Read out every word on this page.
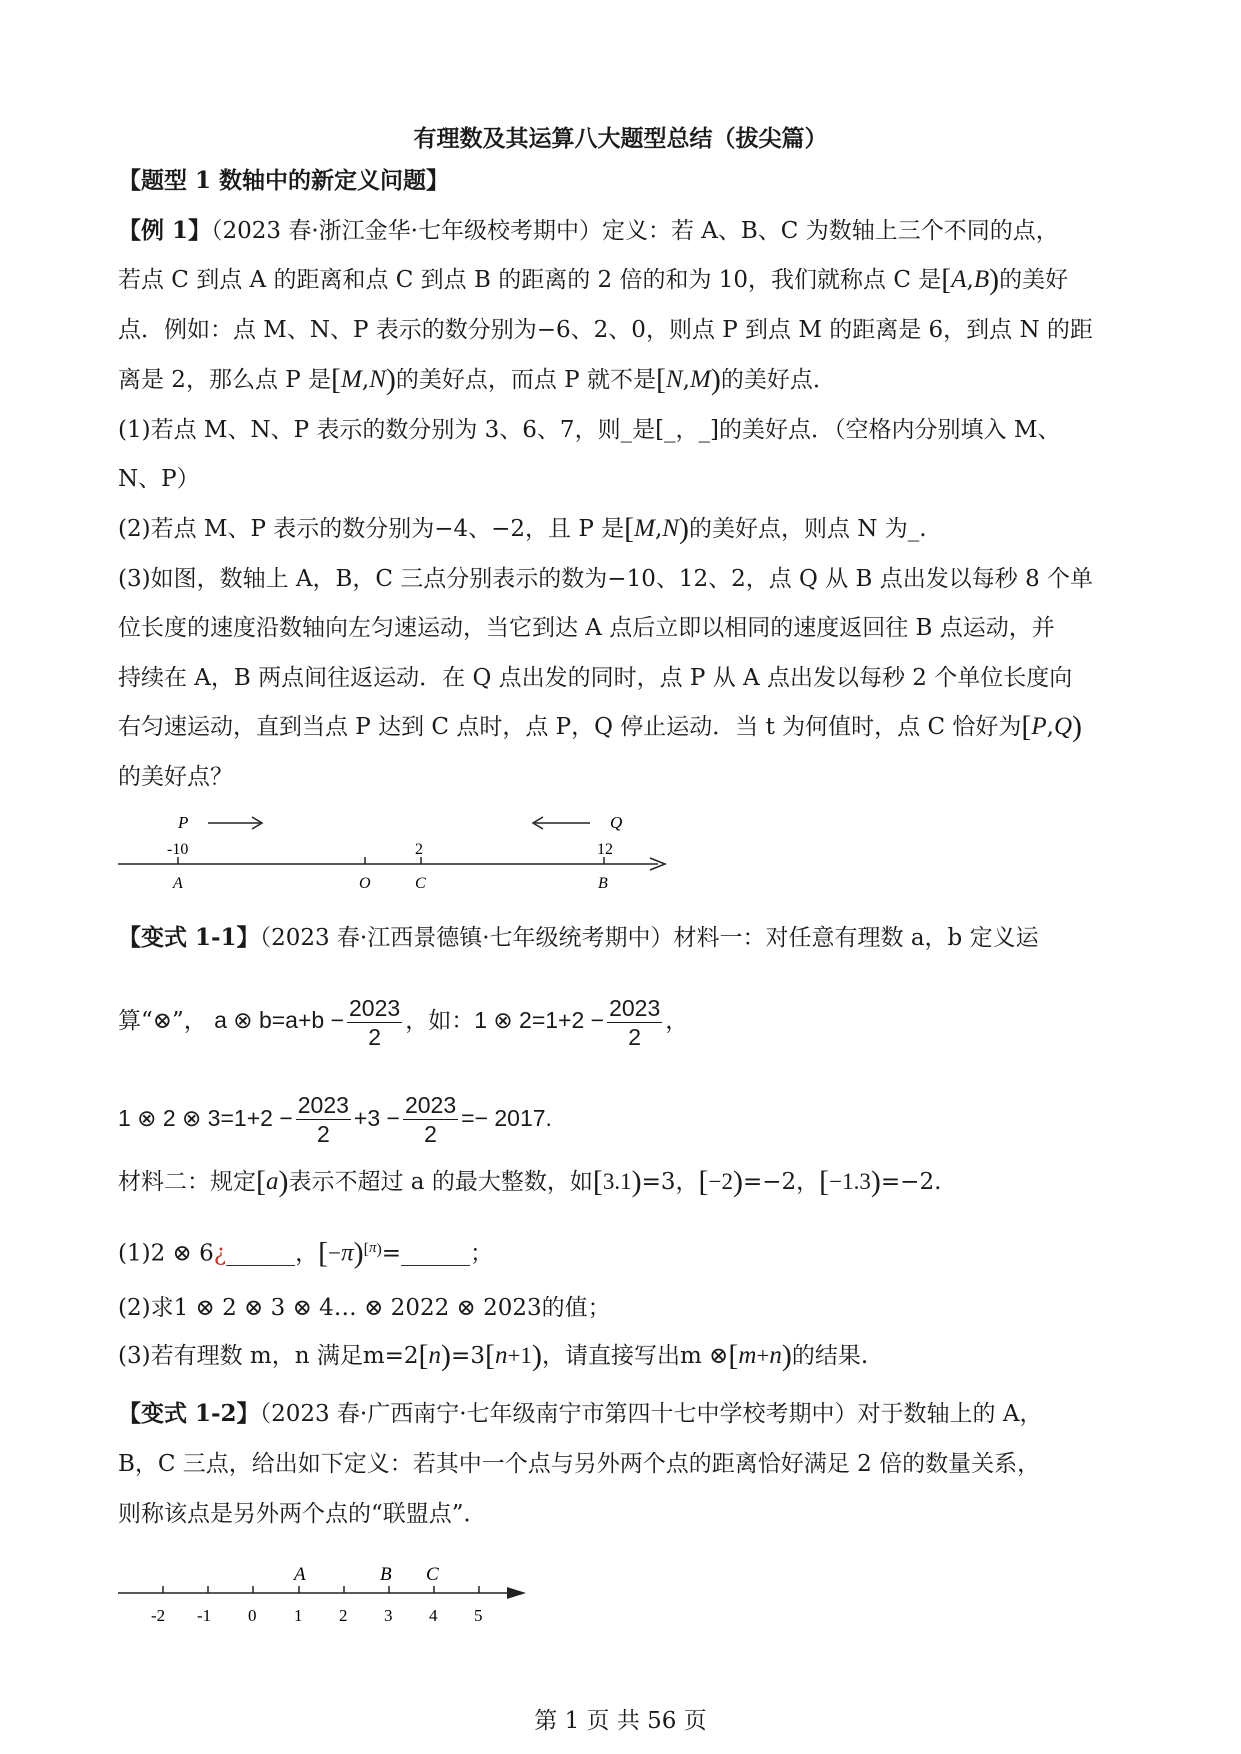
有理数及其运算八大题型总结（拔尖篇）
【题型 1 数轴中的新定义问题】
【例 1】（2023 春·浙江金华·七年级校考期中）定义：若 A、B、C 为数轴上三个不同的点，
若点 C 到点 A 的距离和点 C 到点 B 的距离的 2 倍的和为 10，我们就称点 C 是[A,B)的美好
点．例如：点 M、N、P 表示的数分别为−6、2、0，则点 P 到点 M 的距离是 6，到点 N 的距
离是 2，那么点 P 是[M,N)的美好点，而点 P 就不是[N,M)的美好点．
(1)若点 M、N、P 表示的数分别为 3、6、7，则_是[_，_]的美好点．（空格内分别填入 M、
N、P）
(2)若点 M、P 表示的数分别为−4、−2，且 P 是[M,N)的美好点，则点 N 为_.
(3)如图，数轴上 A，B，C 三点分别表示的数为−10、12、2，点 Q 从 B 点出发以每秒 8 个单
位长度的速度沿数轴向左匀速运动，当它到达 A 点后立即以相同的速度返回往 B 点运动，并
持续在 A，B 两点间往返运动．在 Q 点出发的同时，点 P 从 A 点出发以每秒 2 个单位长度向
右匀速运动，直到当点 P 达到 C 点时，点 P，Q 停止运动．当 t 为何值时，点 C 恰好为[P,Q)
的美好点？
P	Q
-10	2	12
A	O	C	B
【变式 1-1】（2023 春·江西景德镇·七年级统考期中）材料一：对任意有理数 a，b 定义运
算“⊗”， a ⊗ $b=a+b - \frac{2023}{2}$ ，如：1 ⊗ $2=1+2 - \frac{2023}{2}$ ，
1 ⊗ 2 ⊗ $3=1+2 - \frac{2023}{2} +3 - \frac{2023}{2} =- 2017$.
材料二：规定[a)表示不超过 a 的最大整数，如[3.1)=3，[−2)=−2，[−1.3)=−2.
(1)2 ⊗ 6¿______，[−π)$^{[\pi)}$=______；
(2)求1 ⊗ 2 ⊗ 3 ⊗ 4… ⊗ 2022 ⊗ 2023的值；
(3)若有理数 m，n 满足m=2[n)=3[n+1)，请直接写出m ⊗[m+n)的结果.
【变式 1-2】（2023 春·广西南宁·七年级南宁市第四十七中学校考期中）对于数轴上的 A，
B，C 三点，给出如下定义：若其中一个点与另外两个点的距离恰好满足 2 倍的数量关系，
则称该点是另外两个点的“联盟点”．
A	B C
-2 -1 0 1 2 3 4 5
第 1 页 共 56 页
